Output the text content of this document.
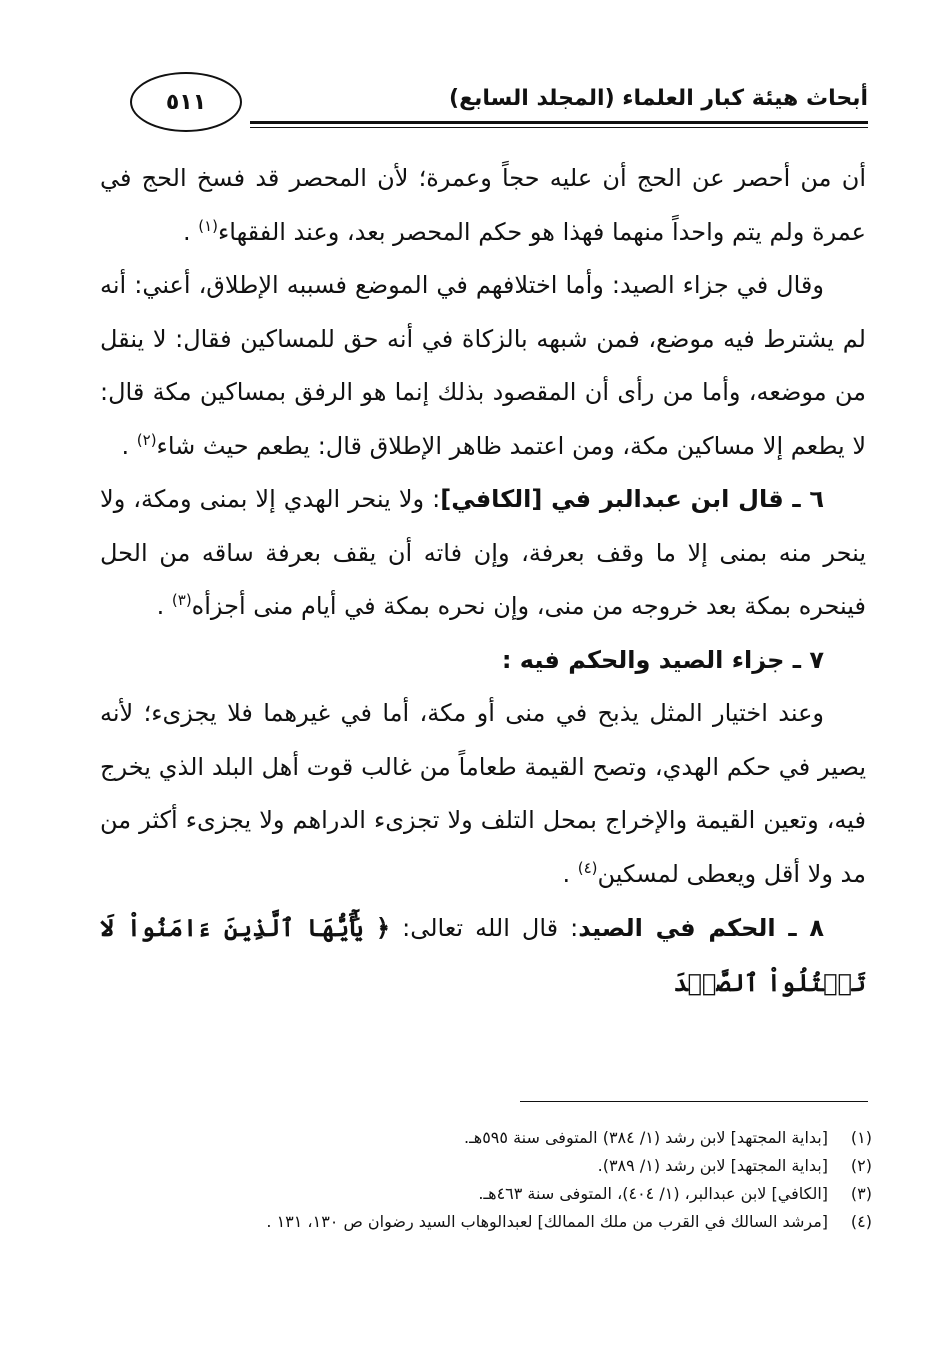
أبحاث هيئة كبار العلماء (المجلد السابع)
٥١١

أن من أحصر عن الحج أن عليه حجاً وعمرة؛ لأن المحصر قد فسخ الحج في عمرة ولم يتم واحداً منهما فهذا هو حكم المحصر بعد، وعند الفقهاء$^{(١)}$ .

وقال في جزاء الصيد: وأما اختلافهم في الموضع فسببه الإطلاق، أعني: أنه لم يشترط فيه موضع، فمن شبهه بالزكاة في أنه حق للمساكين فقال: لا ينقل من موضعه، وأما من رأى أن المقصود بذلك إنما هو الرفق بمساكين مكة قال: لا يطعم إلا مساكين مكة، ومن اعتمد ظاهر الإطلاق قال: يطعم حيث شاء$^{(٢)}$ .

٦ ـ قال ابن عبدالبر في [الكافي]: ولا ينحر الهدي إلا بمنى ومكة، ولا ينحر منه بمنى إلا ما وقف بعرفة، وإن فاته أن يقف بعرفة ساقه من الحل فينحره بمكة بعد خروجه من منى، وإن نحره بمكة في أيام منى أجزأه$^{(٣)}$ .

٧ ـ جزاء الصيد والحكم فيه :

وعند اختيار المثل يذبح في منى أو مكة، أما في غيرهما فلا يجزىء؛ لأنه يصير في حكم الهدي، وتصح القيمة طعاماً من غالب قوت أهل البلد الذي يخرج فيه، وتعين القيمة والإخراج بمحل التلف ولا تجزىء الدراهم ولا يجزىء أكثر من مد ولا أقل ويعطى لمسكين$^{(٤)}$ .

٨ ـ الحكم في الصيد: قال الله تعالى: ﴿ يَٰٓأَيُّهَا ٱلَّذِينَ ءَامَنُواْ لَا تَقۡتُلُواْ ٱلصَّيۡدَ

(١)
[بداية المجتهد] لابن رشد (١/ ٣٨٤) المتوفى سنة ٥٩٥هـ.
(٢)
[بداية المجتهد] لابن رشد (١/ ٣٨٩).
(٣)
[الكافي] لابن عبدالبر، (١/ ٤٠٤)، المتوفى سنة ٤٦٣هـ.
(٤)
[مرشد السالك في القرب من ملك الممالك] لعبدالوهاب السيد رضوان ص ١٣٠، ١٣١ .
